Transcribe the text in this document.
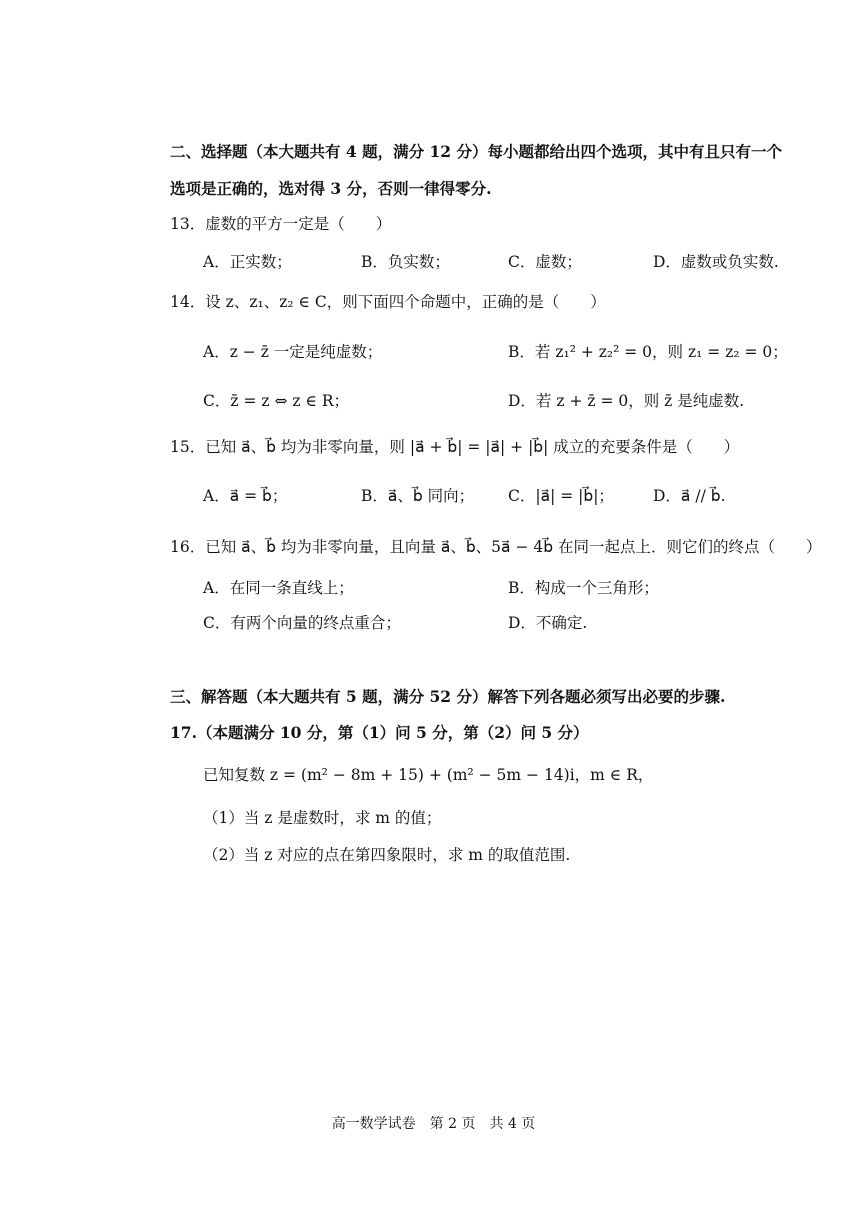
二、选择题（本大题共有 4 题，满分 12 分）每小题都给出四个选项，其中有且只有一个
选项是正确的，选对得 3 分，否则一律得零分.
13．虚数的平方一定是（　　）
A．正实数；	B．负实数；	C．虚数；	D．虚数或负实数.
14．设 z、z₁、z₂ ∈ C，则下面四个命题中，正确的是（　　）
A．z − z̄ 一定是纯虚数；	B．若 z₁² + z₂² = 0，则 z₁ = z₂ = 0；
C．z̄ = z ⇔ z ∈ R；	D．若 z + z̄ = 0，则 z̄ 是纯虚数.
15．已知 a⃗、b⃗ 均为非零向量，则 |a⃗ + b⃗| = |a⃗| + |b⃗| 成立的充要条件是（　　）
A．a⃗ = b⃗；	B．a⃗、b⃗ 同向； C．|a⃗| = |b⃗|；	D．a⃗ // b⃗.
16．已知 a⃗、b⃗ 均为非零向量，且向量 a⃗、b⃗、5a⃗ − 4b⃗ 在同一起点上．则它们的终点（　　）
A．在同一条直线上；	B．构成一个三角形；
C．有两个向量的终点重合；	D．不确定.
三、解答题（本大题共有 5 题，满分 52 分）解答下列各题必须写出必要的步骤.
17.（本题满分 10 分，第（1）问 5 分，第（2）问 5 分）
已知复数 z = (m² − 8m + 15) + (m² − 5m − 14)i，m ∈ R，
（1）当 z 是虚数时，求 m 的值；
（2）当 z 对应的点在第四象限时，求 m 的取值范围.
高一数学试卷　第 2 页　共 4 页
